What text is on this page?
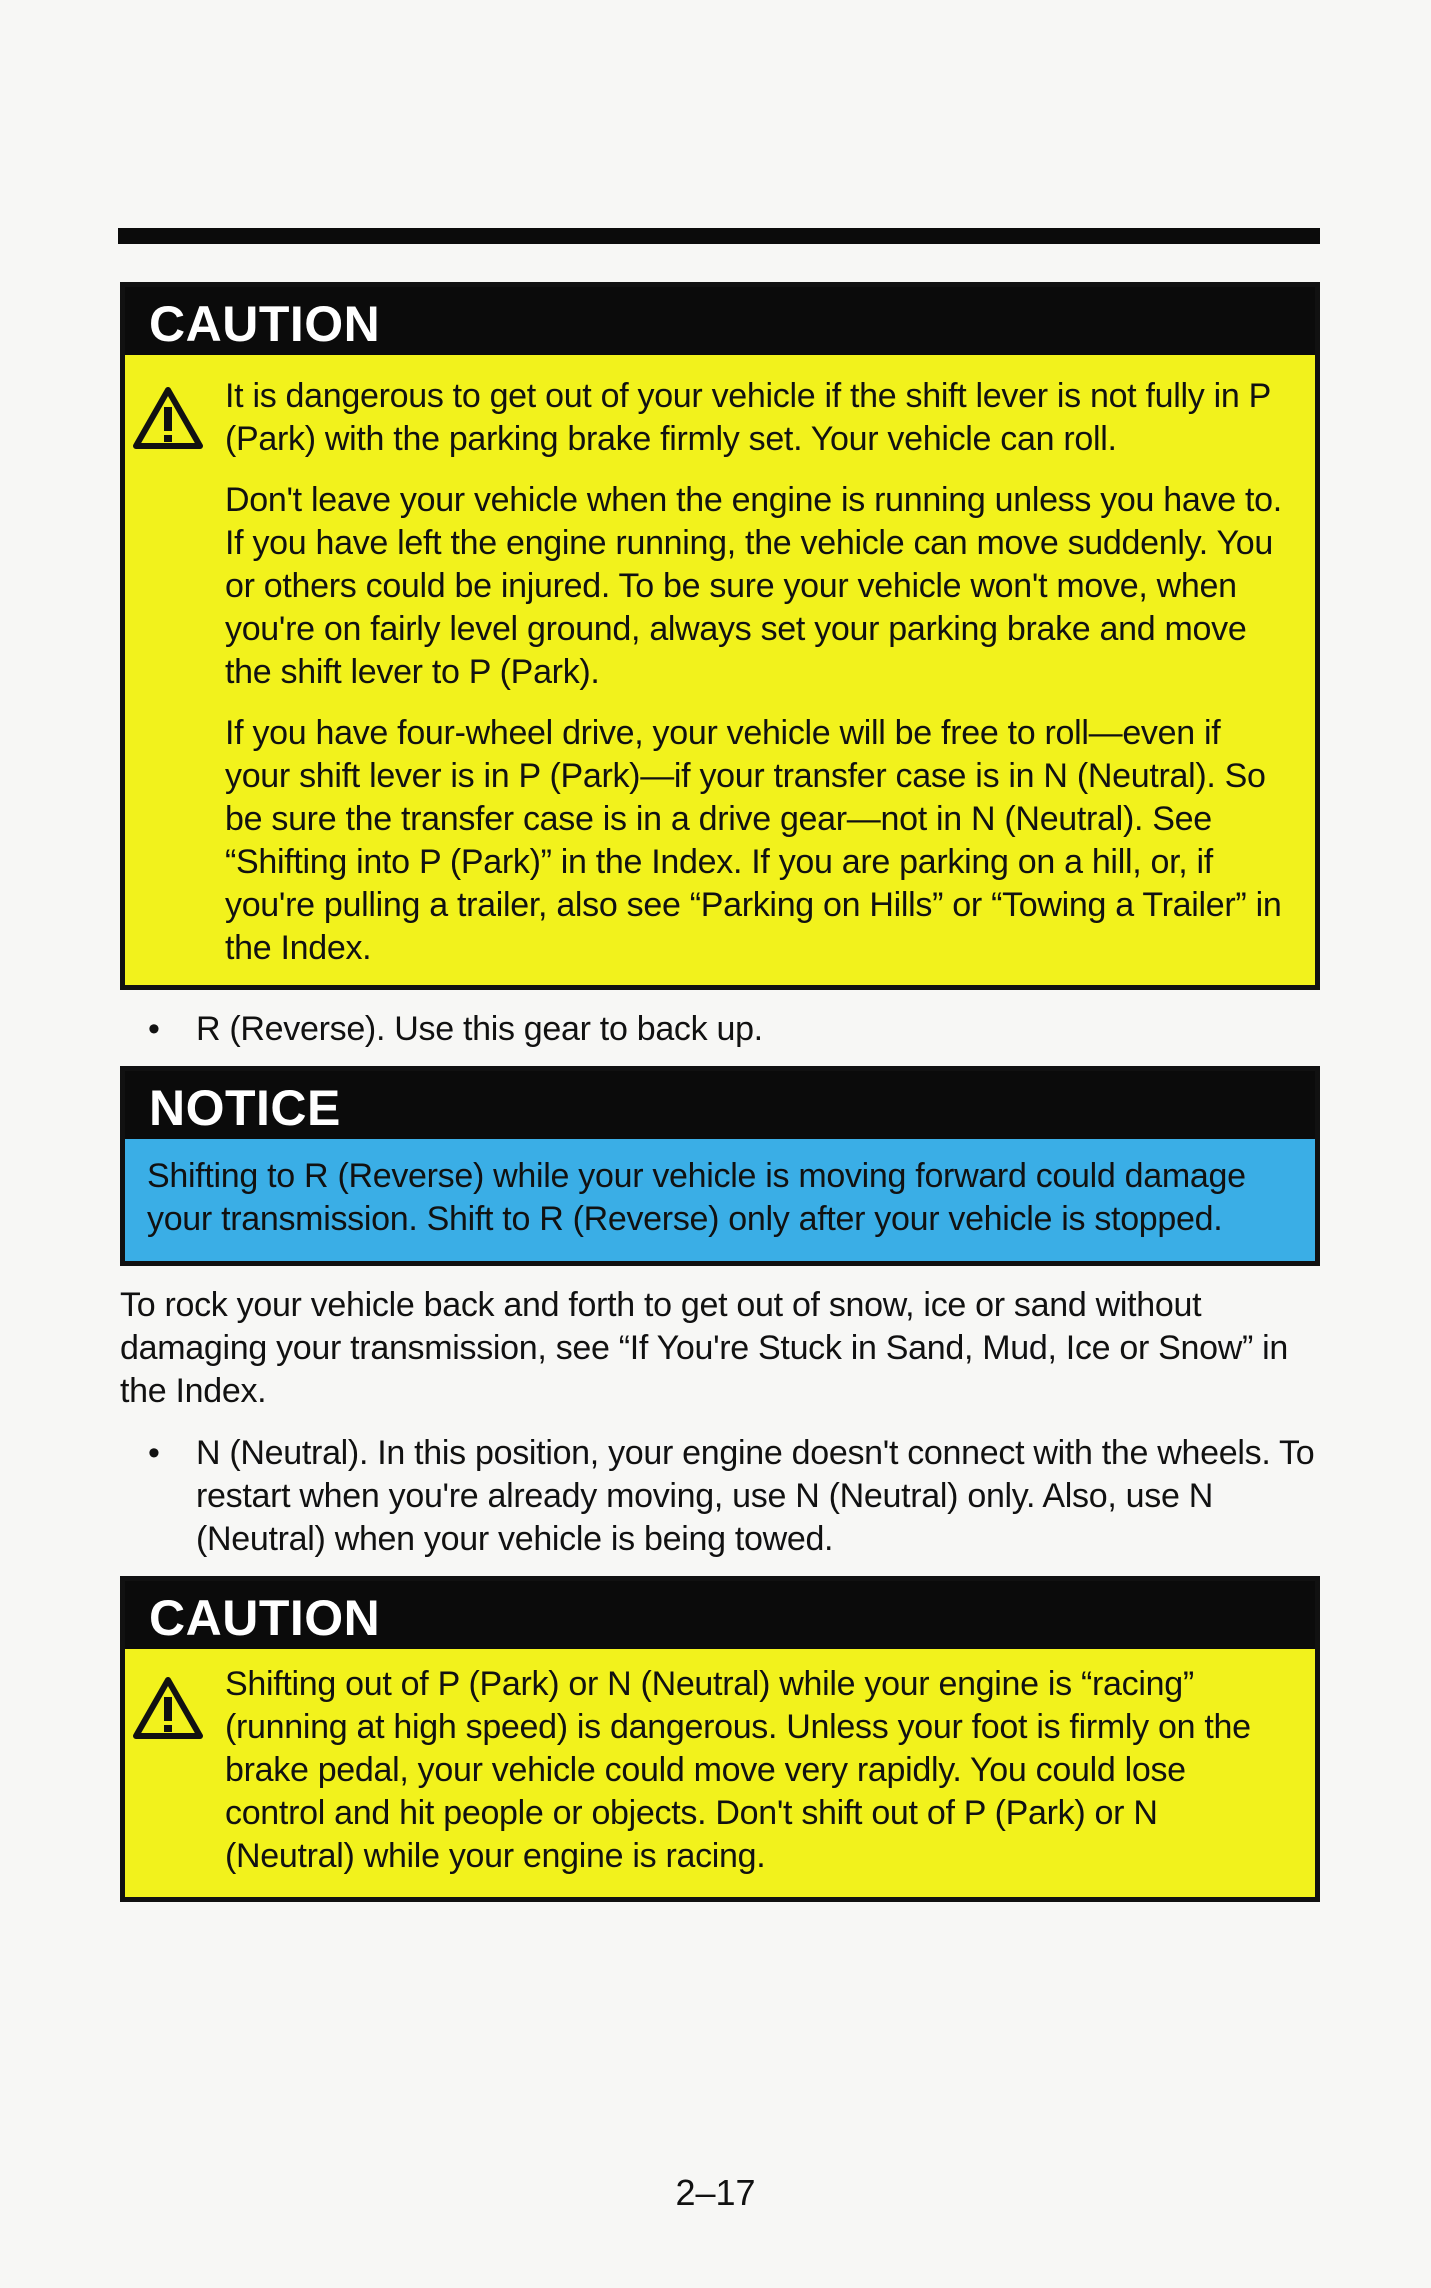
CAUTION

It is dangerous to get out of your vehicle if the shift lever is not fully in P (Park) with the parking brake firmly set. Your vehicle can roll.

Don't leave your vehicle when the engine is running unless you have to. If you have left the engine running, the vehicle can move suddenly. You or others could be injured. To be sure your vehicle won't move, when you're on fairly level ground, always set your parking brake and move the shift lever to P (Park).

If you have four-wheel drive, your vehicle will be free to roll—even if your shift lever is in P (Park)—if your transfer case is in N (Neutral). So be sure the transfer case is in a drive gear—not in N (Neutral). See “Shifting into P (Park)” in the Index. If you are parking on a hill, or, if you're pulling a trailer, also see “Parking on Hills” or “Towing a Trailer” in the Index.

• R (Reverse). Use this gear to back up.
NOTICE

Shifting to R (Reverse) while your vehicle is moving forward could damage your transmission. Shift to R (Reverse) only after your vehicle is stopped.

To rock your vehicle back and forth to get out of snow, ice or sand without damaging your transmission, see “If You're Stuck in Sand, Mud, Ice or Snow” in the Index.
• N (Neutral). In this position, your engine doesn't connect with the wheels. To restart when you're already moving, use N (Neutral) only. Also, use N (Neutral) when your vehicle is being towed.
CAUTION

Shifting out of P (Park) or N (Neutral) while your engine is “racing” (running at high speed) is dangerous. Unless your foot is firmly on the brake pedal, your vehicle could move very rapidly. You could lose control and hit people or objects. Don't shift out of P (Park) or N (Neutral) while your engine is racing.

2–17
